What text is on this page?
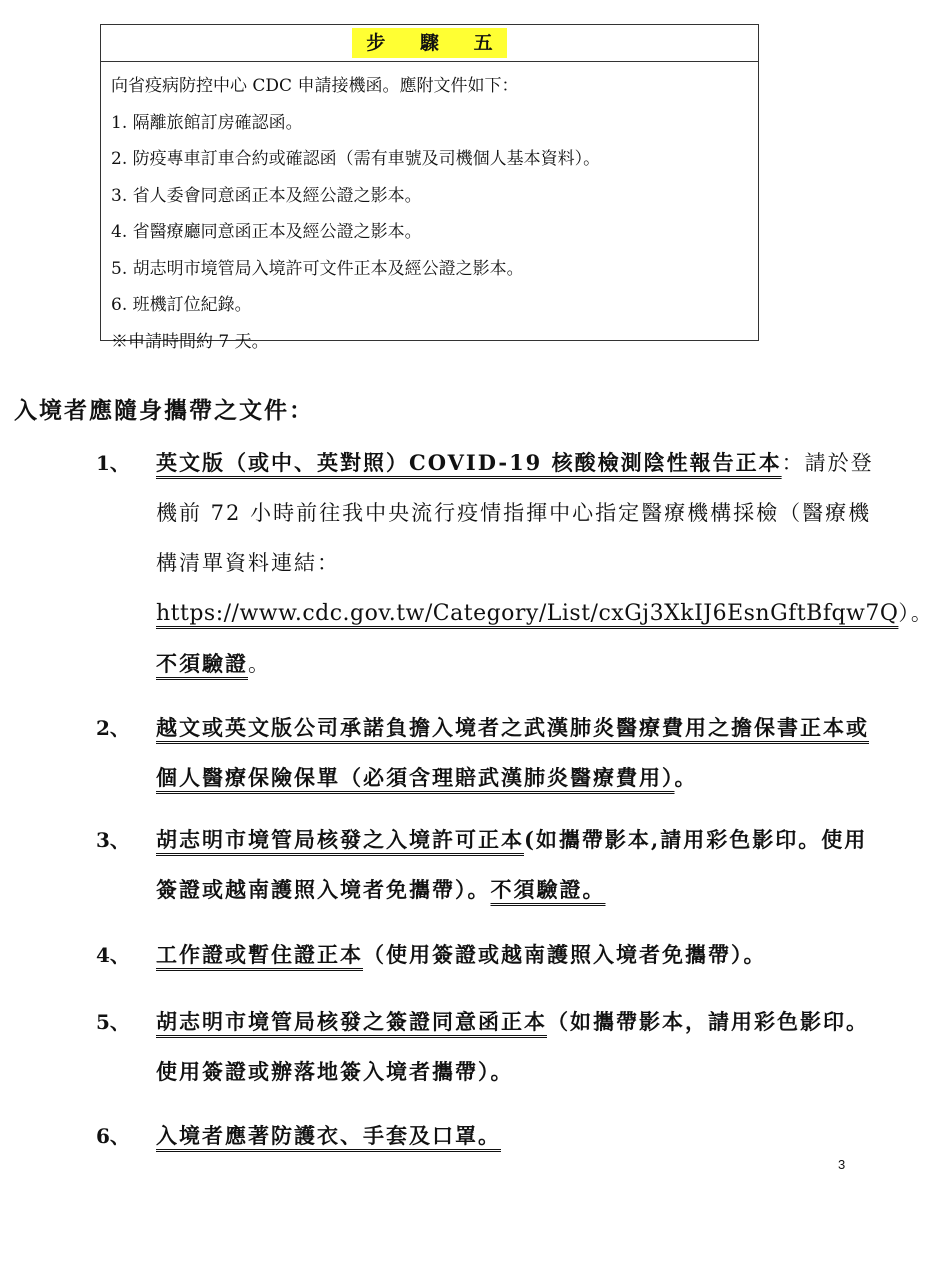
步 驟 五
向省疫病防控中心 CDC 申請接機函。應附文件如下：
1. 隔離旅館訂房確認函。
2. 防疫專車訂車合約或確認函（需有車號及司機個人基本資料）。
3. 省人委會同意函正本及經公證之影本。
4. 省醫療廳同意函正本及經公證之影本。
5. 胡志明市境管局入境許可文件正本及經公證之影本。
6. 班機訂位紀錄。
※申請時間約 7 天。
入境者應隨身攜帶之文件：
1、	英文版（或中、英對照）COVID-19 核酸檢測陰性報告正本：請於登機前 72 小時前往我中央流行疫情指揮中心指定醫療機構採檢（醫療機構清單資料連結：https://www.cdc.gov.tw/Category/List/cxGj3XkIJ6EsnGftBfqw7Q）。不須驗證。
2、	越文或英文版公司承諾負擔入境者之武漢肺炎醫療費用之擔保書正本或個人醫療保險保單（必須含理賠武漢肺炎醫療費用）。
3、	胡志明市境管局核發之入境許可正本(如攜帶影本,請用彩色影印。使用簽證或越南護照入境者免攜帶）。不須驗證。
4、	工作證或暫住證正本（使用簽證或越南護照入境者免攜帶）。
5、	胡志明市境管局核發之簽證同意函正本（如攜帶影本，請用彩色影印。使用簽證或辦落地簽入境者攜帶）。
6、	入境者應著防護衣、手套及口罩。
3
